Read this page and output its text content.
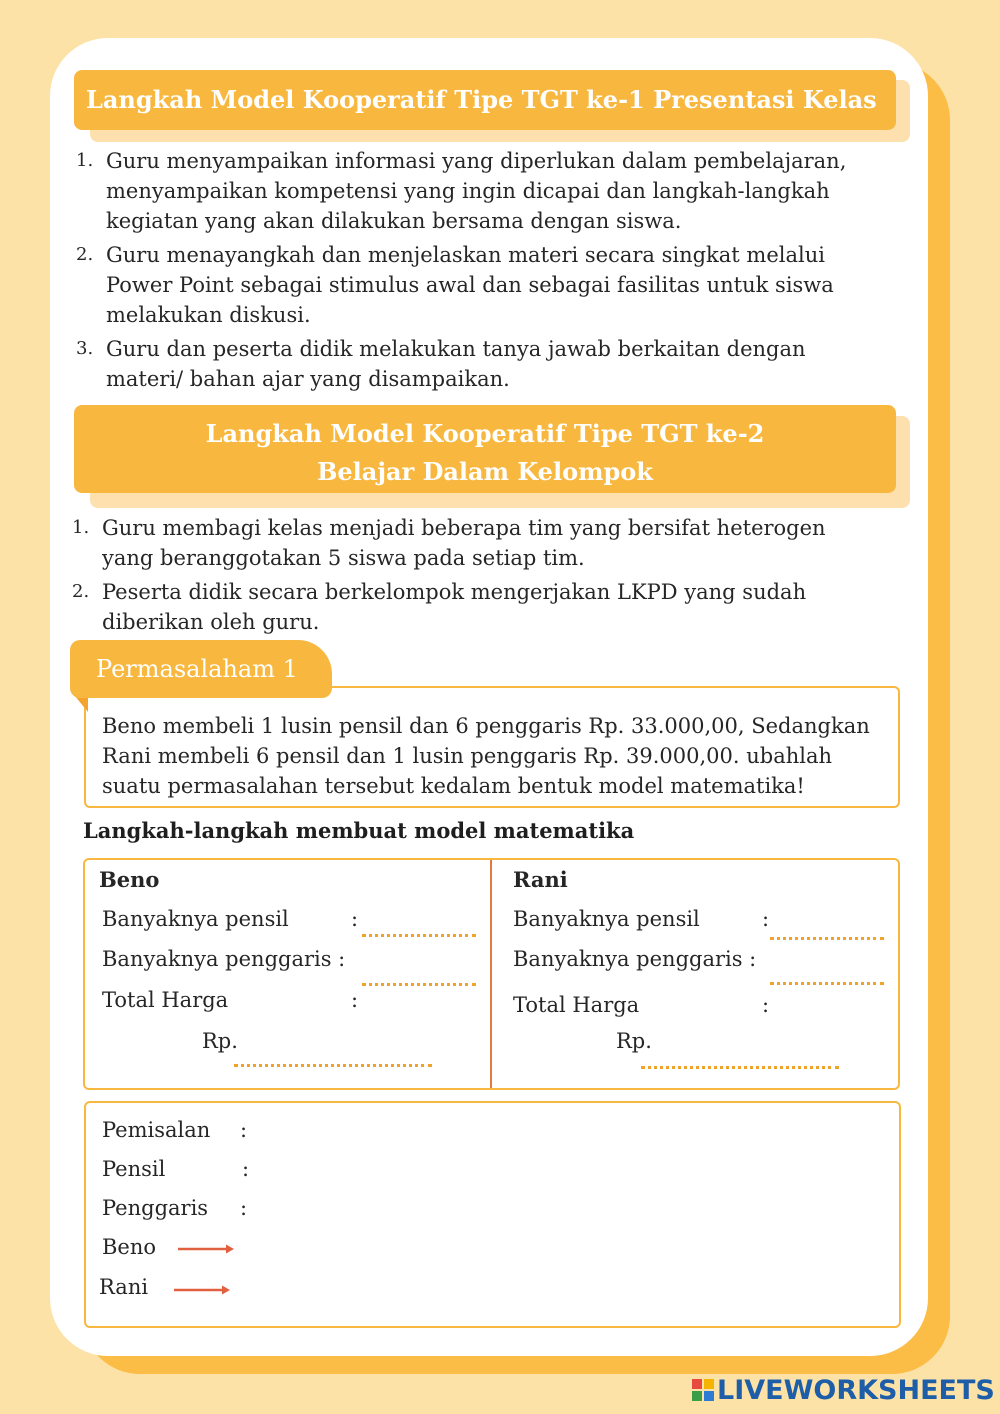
Langkah Model Kooperatif Tipe TGT ke-1 Presentasi Kelas
1. Guru menyampaikan informasi yang diperlukan dalam pembelajaran,
menyampaikan kompetensi yang ingin dicapai dan langkah-langkah
kegiatan yang akan dilakukan bersama dengan siswa.
2. Guru menayangkah dan menjelaskan materi secara singkat melalui
Power Point sebagai stimulus awal dan sebagai fasilitas untuk siswa
melakukan diskusi.
3. Guru dan peserta didik melakukan tanya jawab berkaitan dengan
materi/ bahan ajar yang disampaikan.
Langkah Model Kooperatif Tipe TGT ke-2
Belajar Dalam Kelompok
1. Guru membagi kelas menjadi beberapa tim yang bersifat heterogen
yang beranggotakan 5 siswa pada setiap tim.
2. Peserta didik secara berkelompok mengerjakan LKPD yang sudah
diberikan oleh guru.
Permasalaham 1
Beno membeli 1 lusin pensil dan 6 penggaris Rp. 33.000,00, Sedangkan
Rani membeli 6 pensil dan 1 lusin penggaris Rp. 39.000,00. ubahlah
suatu permasalahan tersebut kedalam bentuk model matematika!
Langkah-langkah membuat model matematika
Beno
Banyaknya pensil	:
Banyaknya penggaris :
Total Harga	:
Rp.
Rani
Banyaknya pensil	:
Banyaknya penggaris :
Total Harga	:
Rp.
Pemisalan :
Pensil	:
Penggaris :
Beno
Rani
LIVEWORKSHEETS
